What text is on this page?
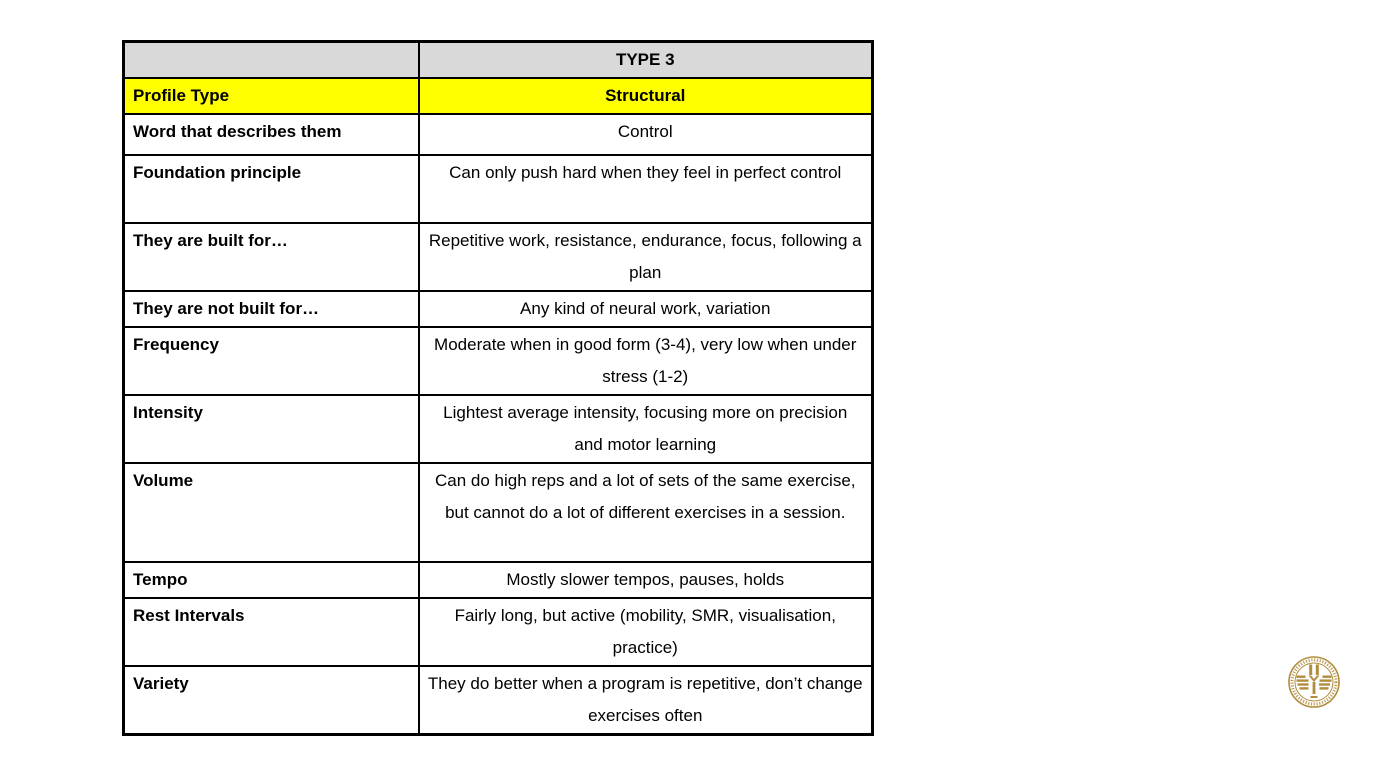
	TYPE 3
Profile Type	Structural
Word that describes them	Control
Foundation principle	Can only push hard when they feel in perfect control
They are built for…	Repetitive work, resistance, endurance, focus, following a plan
They are not built for…	Any kind of neural work, variation
Frequency	Moderate when in good form (3-4), very low when under stress (1-2)
Intensity	Lightest average intensity, focusing more on precision and motor learning
Volume	Can do high reps and a lot of sets of the same exercise, but cannot do a lot of different exercises in a session.
Tempo	Mostly slower tempos, pauses, holds
Rest Intervals	Fairly long, but active (mobility, SMR, visualisation, practice)
Variety	They do better when a program is repetitive, don’t change exercises often
